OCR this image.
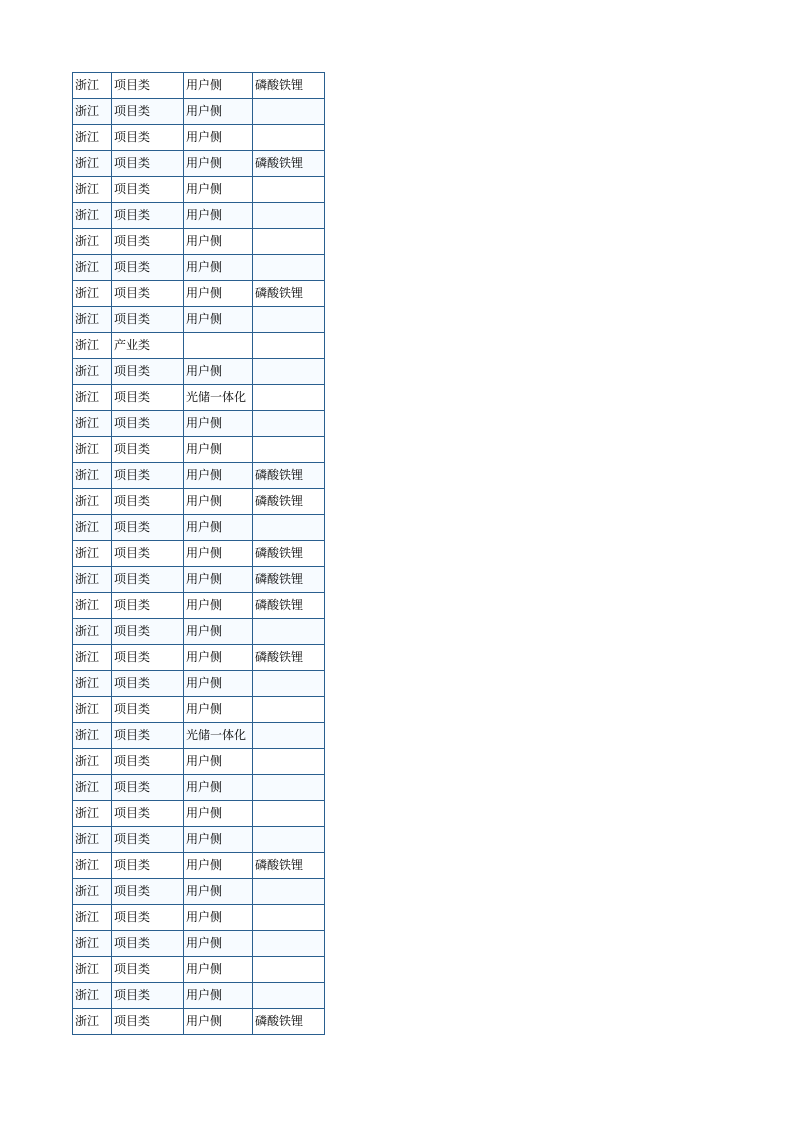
浙江	项目类	用户侧	磷酸铁锂
浙江	项目类	用户侧	
浙江	项目类	用户侧	
浙江	项目类	用户侧	磷酸铁锂
浙江	项目类	用户侧	
浙江	项目类	用户侧	
浙江	项目类	用户侧	
浙江	项目类	用户侧	
浙江	项目类	用户侧	磷酸铁锂
浙江	项目类	用户侧	
浙江	产业类		
浙江	项目类	用户侧	
浙江	项目类	光储一体化	
浙江	项目类	用户侧	
浙江	项目类	用户侧	
浙江	项目类	用户侧	磷酸铁锂
浙江	项目类	用户侧	磷酸铁锂
浙江	项目类	用户侧	
浙江	项目类	用户侧	磷酸铁锂
浙江	项目类	用户侧	磷酸铁锂
浙江	项目类	用户侧	磷酸铁锂
浙江	项目类	用户侧	
浙江	项目类	用户侧	磷酸铁锂
浙江	项目类	用户侧	
浙江	项目类	用户侧	
浙江	项目类	光储一体化	
浙江	项目类	用户侧	
浙江	项目类	用户侧	
浙江	项目类	用户侧	
浙江	项目类	用户侧	
浙江	项目类	用户侧	磷酸铁锂
浙江	项目类	用户侧	
浙江	项目类	用户侧	
浙江	项目类	用户侧	
浙江	项目类	用户侧	
浙江	项目类	用户侧	
浙江	项目类	用户侧	磷酸铁锂
